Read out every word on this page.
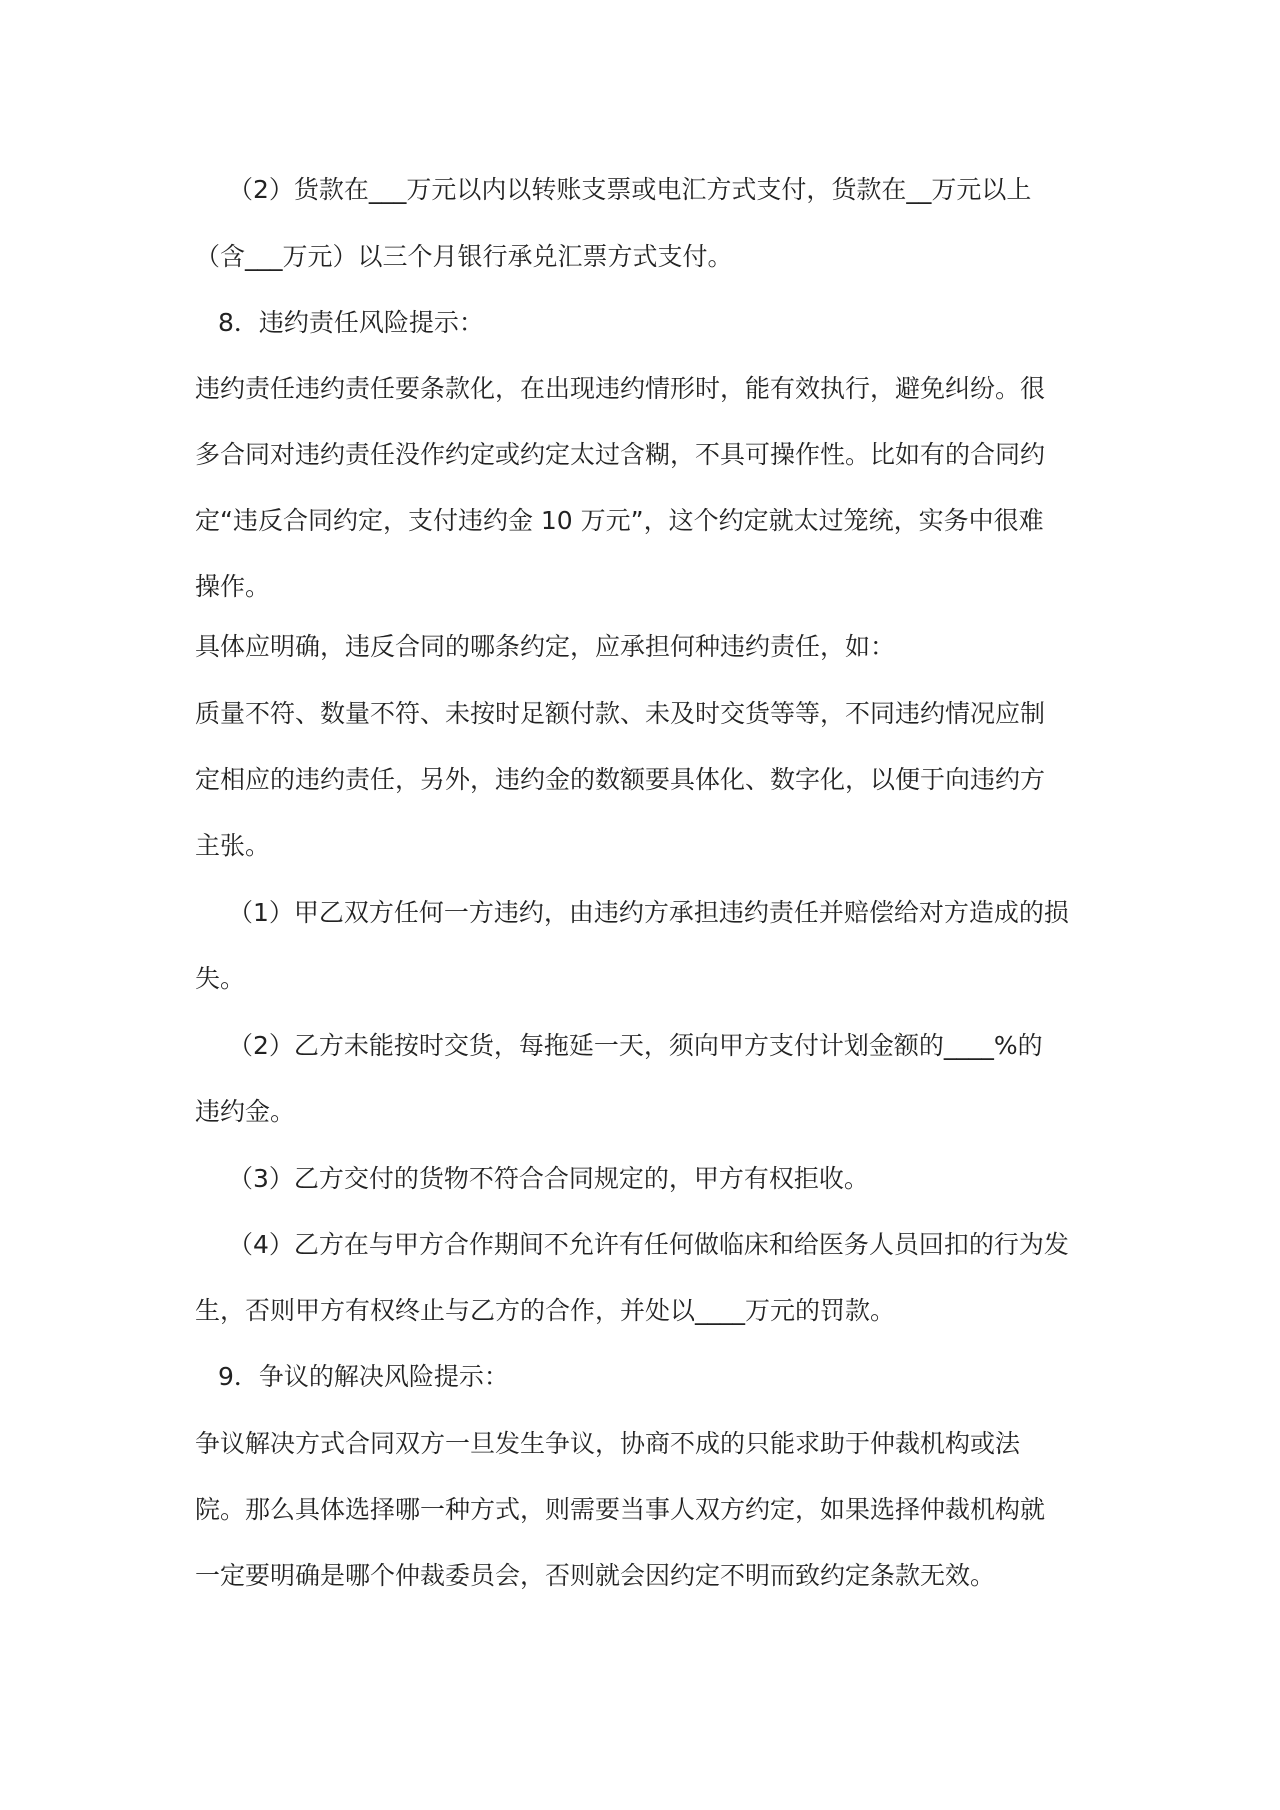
（2）货款在___万元以内以转账支票或电汇方式支付，货款在__万元以上
（含___万元）以三个月银行承兑汇票方式支付。
8．违约责任风险提示：
违约责任违约责任要条款化，在出现违约情形时，能有效执行，避免纠纷。很
多合同对违约责任没作约定或约定太过含糊，不具可操作性。比如有的合同约
定“违反合同约定，支付违约金 10 万元”，这个约定就太过笼统，实务中很难
操作。
具体应明确，违反合同的哪条约定，应承担何种违约责任，如：
质量不符、数量不符、未按时足额付款、未及时交货等等，不同违约情况应制
定相应的违约责任，另外，违约金的数额要具体化、数字化，以便于向违约方
主张。
（1）甲乙双方任何一方违约，由违约方承担违约责任并赔偿给对方造成的损
失。
（2）乙方未能按时交货，每拖延一天，须向甲方支付计划金额的____%的
违约金。
（3）乙方交付的货物不符合合同规定的，甲方有权拒收。
（4）乙方在与甲方合作期间不允许有任何做临床和给医务人员回扣的行为发
生，否则甲方有权终止与乙方的合作，并处以____万元的罚款。
9．争议的解决风险提示：
争议解决方式合同双方一旦发生争议，协商不成的只能求助于仲裁机构或法
院。那么具体选择哪一种方式，则需要当事人双方约定，如果选择仲裁机构就
一定要明确是哪个仲裁委员会，否则就会因约定不明而致约定条款无效。
